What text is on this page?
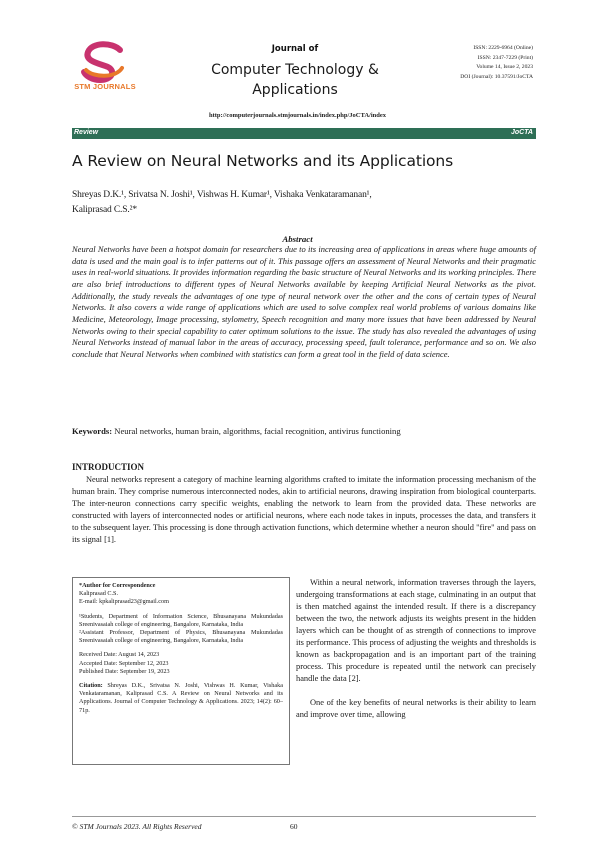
STM JOURNALS
Journal of
Computer Technology & Applications
ISSN: 2229-6964 (Online)
ISSN: 2347-7229 (Print)
Volume 14, Issue 2, 2023
DOI (Journal): 10.37591/JoCTA
http://computerjournals.stmjournals.in/index.php/JoCTA/index
Review	JoCTA
A Review on Neural Networks and its Applications
Shreyas D.K.¹, Srivatsa N. Joshi¹, Vishwas H. Kumar¹, Vishaka Venkataramanan¹,
Kaliprasad C.S.²*
Abstract
Neural Networks have been a hotspot domain for researchers due to its increasing area of applications in areas where huge amounts of data is used and the main goal is to infer patterns out of it. This passage offers an assessment of Neural Networks and their pragmatic uses in real-world situations. It provides information regarding the basic structure of Neural Networks and its working principles. There are also brief introductions to different types of Neural Networks available by keeping Artificial Neural Networks as the pivot. Additionally, the study reveals the advantages of one type of neural network over the other and the cons of certain types of Neural Networks. It also covers a wide range of applications which are used to solve complex real world problems of various domains like Medicine, Meteorology, Image processing, stylometry, Speech recognition and many more issues that have been addressed by Neural Networks owing to their special capability to cater optimum solutions to the issue. The study has also revealed the advantages of using Neural Networks instead of manual labor in the areas of accuracy, processing speed, fault tolerance, performance and so on. We also conclude that Neural Networks when combined with statistics can form a great tool in the field of data science.
Keywords: Neural networks, human brain, algorithms, facial recognition, antivirus functioning
INTRODUCTION
Neural networks represent a category of machine learning algorithms crafted to imitate the information processing mechanism of the human brain. They comprise numerous interconnected nodes, akin to artificial neurons, drawing inspiration from biological counterparts. The inter-neuron connections carry specific weights, enabling the network to learn from the provided data. These networks are constructed with layers of interconnected nodes or artificial neurons, where each node takes in inputs, processes the data, and transfers it to the subsequent layer. This processing is done through activation functions, which determine whether a neuron should "fire" and pass on its signal [1].

*Author for Correspondence

Kaliprasad C.S.

E-mail: kpkaliprasad23@gmail.com

¹Students, Department of Information Science, Bhusanayana Mukundadas Sreenivasaiah college of engineering, Bangalore, Karnataka, India

²Assistant Professor, Department of Physics, Bhusanayana Mukundadas Sreenivasaiah college of engineering, Bangalore, Karnataka, India

Received Date: August 14, 2023

Accepted Date: September 12, 2023

Published Date: September 19, 2023

Citation: Shreyas D.K., Srivatsa N. Joshi, Vishwas H. Kumar, Vishaka Venkataramanan, Kaliprasad C.S. A Review on Neural Networks and its Applications. Journal of Computer Technology & Applications. 2023; 14(2): 60–71p.

Within a neural network, information traverses through the layers, undergoing transformations at each stage, culminating in an output that is then matched against the intended result. If there is a discrepancy between the two, the network adjusts its weights present in the hidden layers which can be thought of as strength of connections to improve its performance. This process of adjusting the weights and thresholds is known as backpropagation and is an important part of the training process. This procedure is repeated until the network can precisely handle the data [2].

One of the key benefits of neural networks is their ability to learn and improve over time, allowing

© STM Journals 2023. All Rights Reserved	60
